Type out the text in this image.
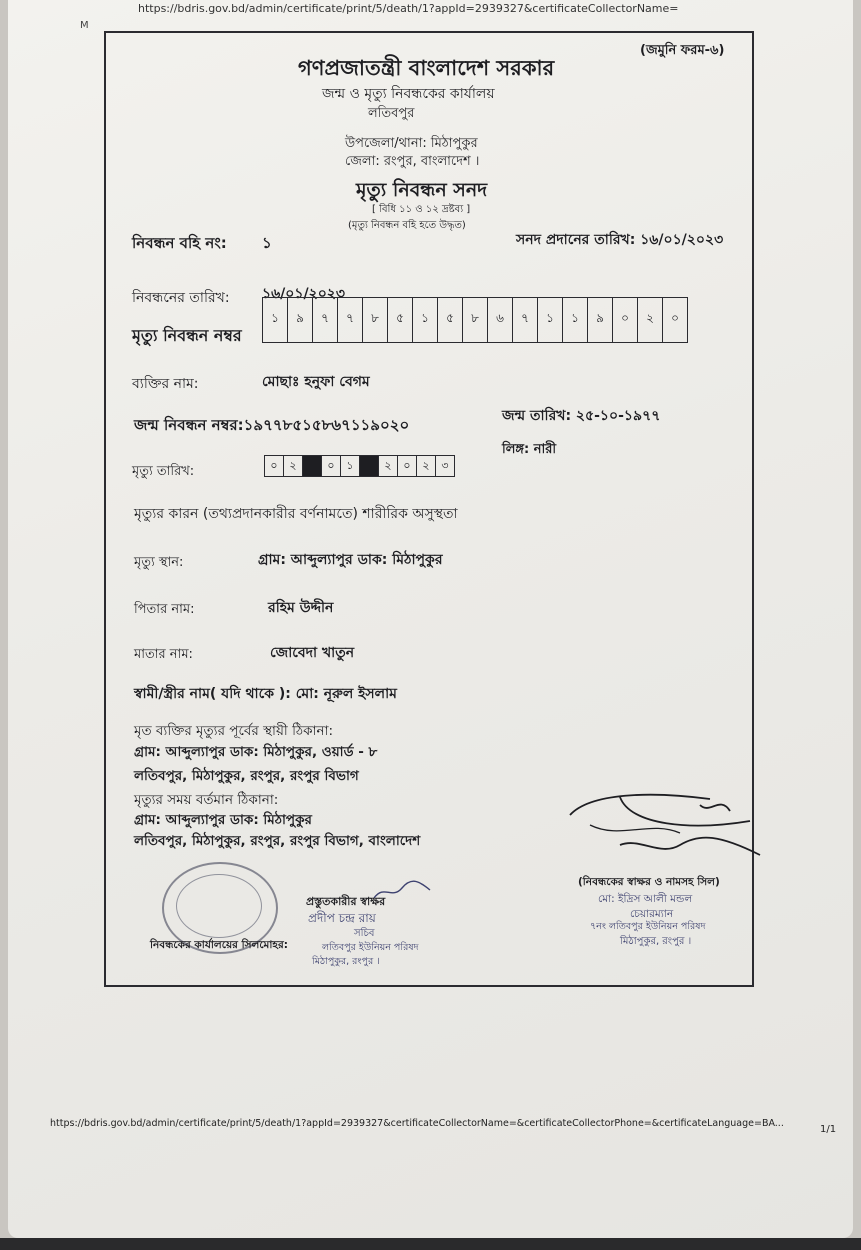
M
https://bdris.gov.bd/admin/certificate/print/5/death/1?appId=2939327&certificateCollectorName=
(জমুনি ফরম-৬)
গণপ্রজাতন্ত্রী বাংলাদেশ সরকার
জন্ম ও মৃত্যু নিবন্ধকের কার্যালয়
লতিবপুর
উপজেলা/থানা: মিঠাপুকুর
জেলা: রংপুর, বাংলাদেশ ।
মৃত্যু নিবন্ধন সনদ
[ বিধি ১১ ও ১২ দ্রষ্টব্য ]
(মৃত্যু নিবন্ধন বহি হতে উদ্ধৃত)
নিবন্ধন বহি নং: ১	সনদ প্রদানের তারিখ: ১৬/০১/২০২৩
নিবন্ধনের তারিখ: ১৬/০১/২০২৩
মৃত্যু নিবন্ধন নম্বর
১	৯	৭	৭	৮	৫	১	৫	৮	৬	৭	১	১	৯	০	২	০
ব্যক্তির নাম:	মোছাঃ হনুফা বেগম
জন্ম নিবন্ধন নম্বর:১৯৭৭৮৫১৫৮৬৭১১৯০২০	জন্ম তারিখ: ২৫-১০-১৯৭৭
লিঙ্গ: নারী
মৃত্যু তারিখ:	০	২	০	১	২	০	২	৩
মৃত্যুর কারন (তথ্যপ্রদানকারীর বর্ণনামতে) শারীরিক অসুস্থতা
মৃত্যু স্থান:	গ্রাম: আব্দুল্যাপুর ডাক: মিঠাপুকুর
পিতার নাম:	রহিম উদ্দীন
মাতার নাম:	জোবেদা খাতুন
স্বামী/স্ত্রীর নাম( যদি থাকে ): মো: নূরুল ইসলাম
মৃত ব্যক্তির মৃত্যুর পূর্বের স্থায়ী ঠিকানা:
গ্রাম: আব্দুল্যাপুর ডাক: মিঠাপুকুর, ওয়ার্ড - ৮
লতিবপুর, মিঠাপুকুর, রংপুর, রংপুর বিভাগ
মৃত্যুর সময় বর্তমান ঠিকানা:
গ্রাম: আব্দুল্যাপুর ডাক: মিঠাপুকুর
লতিবপুর, মিঠাপুকুর, রংপুর, রংপুর বিভাগ, বাংলাদেশ
প্রস্তুতকারীর স্বাক্ষর
প্রদীপ চন্দ্র রায়
সচিব
নিবন্ধকের কার্যালয়ের সিলমোহর:	লতিবপুর ইউনিয়ন পরিষদ
মিঠাপুকুর, রংপুর ।
(নিবন্ধকের স্বাক্ষর ও নামসহ সিল)
মো: ইদ্রিস আলী মন্ডল
চেয়ারম্যান
৭নং লতিবপুর ইউনিয়ন পরিষদ
মিঠাপুকুর, রংপুর ।
https://bdris.gov.bd/admin/certificate/print/5/death/1?appId=2939327&certificateCollectorName=&certificateCollectorPhone=&certificateLanguage=BA...
1/1
